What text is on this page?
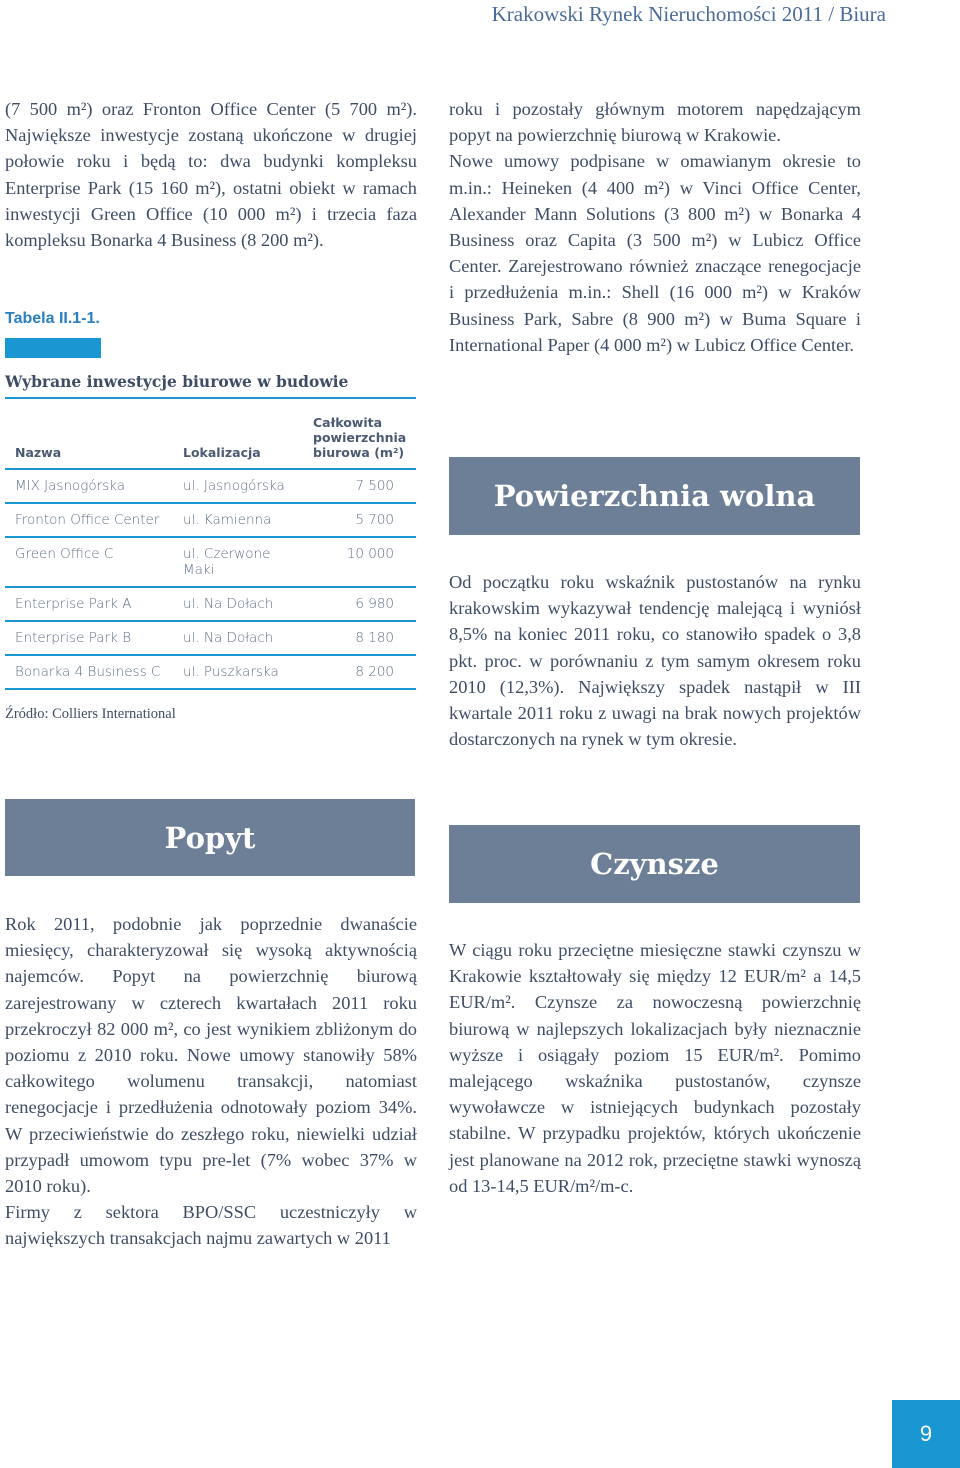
Krakowski Rynek Nieruchomości 2011 / Biura

(7 500 m²) oraz Fronton Office Center (5 700 m²). Największe inwestycje zostaną ukończone w drugiej połowie roku i będą to: dwa budynki kompleksu Enterprise Park (15 160 m²), ostatni obiekt w ramach inwestycji Green Office (10 000 m²) i trzecia faza kompleksu Bonarka 4 Business (8 200 m²).

Tabela II.1-1.

Wybrane inwestycje biurowe w budowie
Nazwa	Lokalizacja	Całkowita powierzchnia biurowa (m²)
MIX Jasnogórska	ul. Jasnogórska	7 500
Fronton Office Center	ul. Kamienna	5 700
Green Office C	ul. Czerwone Maki	10 000
Enterprise Park A	ul. Na Dołach	6 980
Enterprise Park B	ul. Na Dołach	8 180
Bonarka 4 Business C	ul. Puszkarska	8 200
Źródło: Colliers International
Popyt

Rok 2011, podobnie jak poprzednie dwanaście miesięcy, charakteryzował się wysoką aktywnością najemców. Popyt na powierzchnię biurową zarejestrowany w czterech kwartałach 2011 roku przekroczył 82 000 m², co jest wynikiem zbliżonym do poziomu z 2010 roku. Nowe umowy stanowiły 58% całkowitego wolumenu transakcji, natomiast renegocjacje i przedłużenia odnotowały poziom 34%. W przeciwieństwie do zeszłego roku, niewielki udział przypadł umowom typu pre-let (7% wobec 37% w 2010 roku).

Firmy z sektora BPO/SSC uczestniczyły w największych transakcjach najmu zawartych w 2011

roku i pozostały głównym motorem napędzającym popyt na powierzchnię biurową w Krakowie.

Nowe umowy podpisane w omawianym okresie to m.in.: Heineken (4 400 m²) w Vinci Office Center, Alexander Mann Solutions (3 800 m²) w Bonarka 4 Business oraz Capita (3 500 m²) w Lubicz Office Center. Zarejestrowano również znaczące renegocjacje i przedłużenia m.in.: Shell (16 000 m²) w Kraków Business Park, Sabre (8 900 m²) w Buma Square i International Paper (4 000 m²) w Lubicz Office Center.

Powierzchnia wolna

Od początku roku wskaźnik pustostanów na rynku krakowskim wykazywał tendencję malejącą i wyniósł 8,5% na koniec 2011 roku, co stanowiło spadek o 3,8 pkt. proc. w porównaniu z tym samym okresem roku 2010 (12,3%). Największy spadek nastąpił w III kwartale 2011 roku z uwagi na brak nowych projektów dostarczonych na rynek w tym okresie.

Czynsze

W ciągu roku przeciętne miesięczne stawki czynszu w Krakowie kształtowały się między 12 EUR/m² a 14,5 EUR/m². Czynsze za nowoczesną powierzchnię biurową w najlepszych lokalizacjach były nieznacznie wyższe i osiągały poziom 15 EUR/m². Pomimo malejącego wskaźnika pustostanów, czynsze wywoławcze w istniejących budynkach pozostały stabilne. W przypadku projektów, których ukończenie jest planowane na 2012 rok, przeciętne stawki wynoszą od 13-14,5 EUR/m²/m-c.

9
